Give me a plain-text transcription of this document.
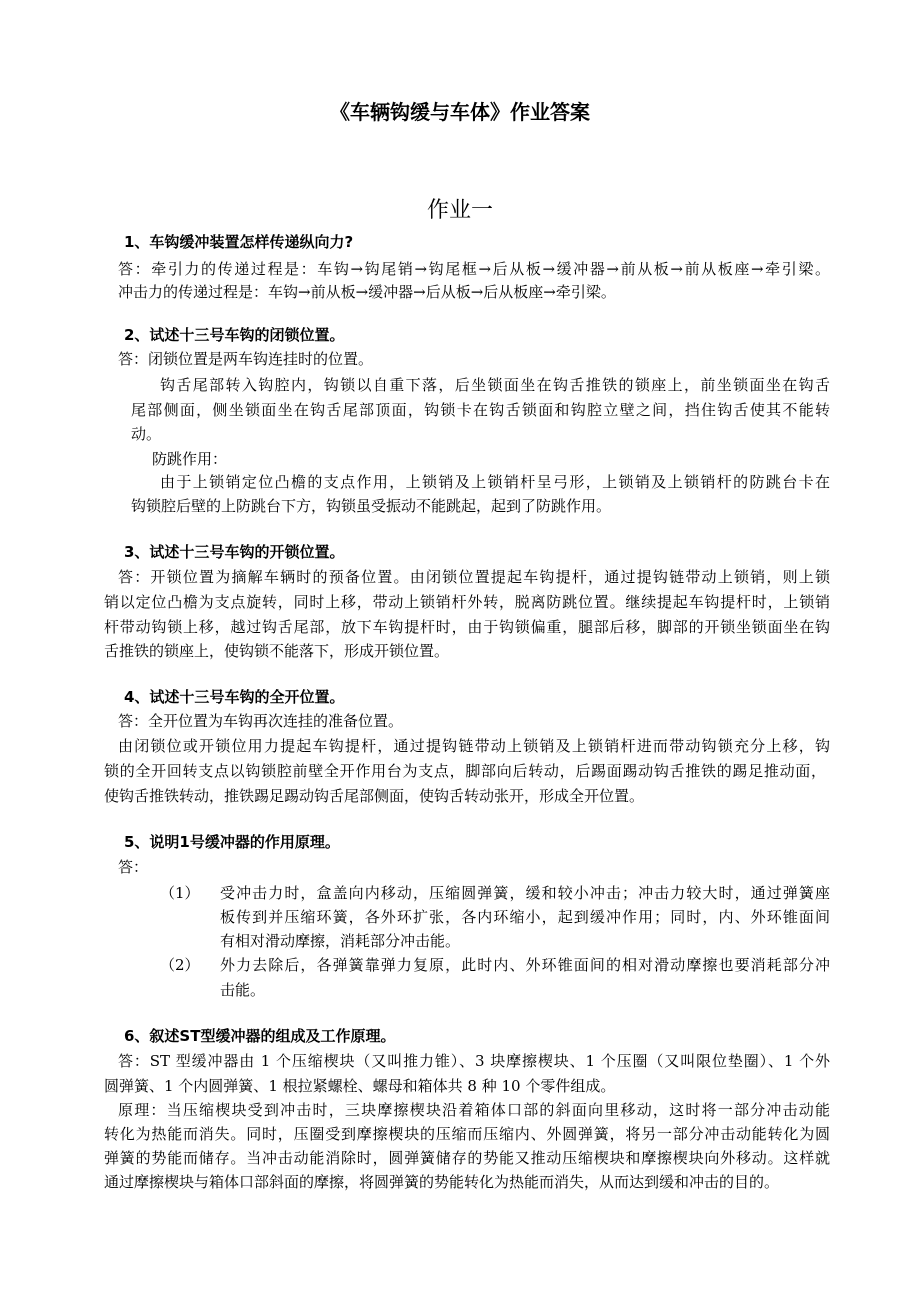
《车辆钩缓与车体》作业答案
作业一
1、车钩缓冲装置怎样传递纵向力?
答：牵引力的传递过程是：车钩→钩尾销→钩尾框→后从板→缓冲器→前从板→前从板座→牵引梁。
冲击力的传递过程是：车钩→前从板→缓冲器→后从板→后从板座→牵引梁。
2、试述十三号车钩的闭锁位置。
答：闭锁位置是两车钩连挂时的位置。
钩舌尾部转入钩腔内，钩锁以自重下落，后坐锁面坐在钩舌推铁的锁座上，前坐锁面坐在钩舌
尾部侧面，侧坐锁面坐在钩舌尾部顶面，钩锁卡在钩舌锁面和钩腔立壁之间，挡住钩舌使其不能转
动。
防跳作用：
由于上锁销定位凸檐的支点作用，上锁销及上锁销杆呈弓形，上锁销及上锁销杆的防跳台卡在
钩锁腔后壁的上防跳台下方，钩锁虽受振动不能跳起，起到了防跳作用。
3、试述十三号车钩的开锁位置。
答：开锁位置为摘解车辆时的预备位置。由闭锁位置提起车钩提杆，通过提钩链带动上锁销，则上锁
销以定位凸檐为支点旋转，同时上移，带动上锁销杆外转，脱离防跳位置。继续提起车钩提杆时，上锁销
杆带动钩锁上移，越过钩舌尾部，放下车钩提杆时，由于钩锁偏重，腿部后移，脚部的开锁坐锁面坐在钩
舌推铁的锁座上，使钩锁不能落下，形成开锁位置。
4、试述十三号车钩的全开位置。
答：全开位置为车钩再次连挂的准备位置。
由闭锁位或开锁位用力提起车钩提杆，通过提钩链带动上锁销及上锁销杆进而带动钩锁充分上移，钩
锁的全开回转支点以钩锁腔前壁全开作用台为支点，脚部向后转动，后踢面踢动钩舌推铁的踢足推动面，
使钩舌推铁转动，推铁踢足踢动钩舌尾部侧面，使钩舌转动张开，形成全开位置。
5、说明1号缓冲器的作用原理。
答：
（1） 受冲击力时，盒盖向内移动，压缩圆弹簧，缓和较小冲击；冲击力较大时，通过弹簧座
板传到并压缩环簧，各外环扩张，各内环缩小，起到缓冲作用；同时，内、外环锥面间
有相对滑动摩擦，消耗部分冲击能。
（2） 外力去除后，各弹簧靠弹力复原，此时内、外环锥面间的相对滑动摩擦也要消耗部分冲
击能。
6、叙述ST型缓冲器的组成及工作原理。
答：ST 型缓冲器由 1 个压缩楔块（又叫推力锥）、3 块摩擦楔块、1 个压圈（又叫限位垫圈）、1 个外
圆弹簧、1 个内圆弹簧、1 根拉紧螺栓、螺母和箱体共 8 种 10 个零件组成。
原理：当压缩楔块受到冲击时，三块摩擦楔块沿着箱体口部的斜面向里移动，这时将一部分冲击动能
转化为热能而消失。同时，压圈受到摩擦楔块的压缩而压缩内、外圆弹簧，将另一部分冲击动能转化为圆
弹簧的势能而储存。当冲击动能消除时，圆弹簧储存的势能又推动压缩楔块和摩擦楔块向外移动。这样就
通过摩擦楔块与箱体口部斜面的摩擦，将圆弹簧的势能转化为热能而消失，从而达到缓和冲击的目的。
